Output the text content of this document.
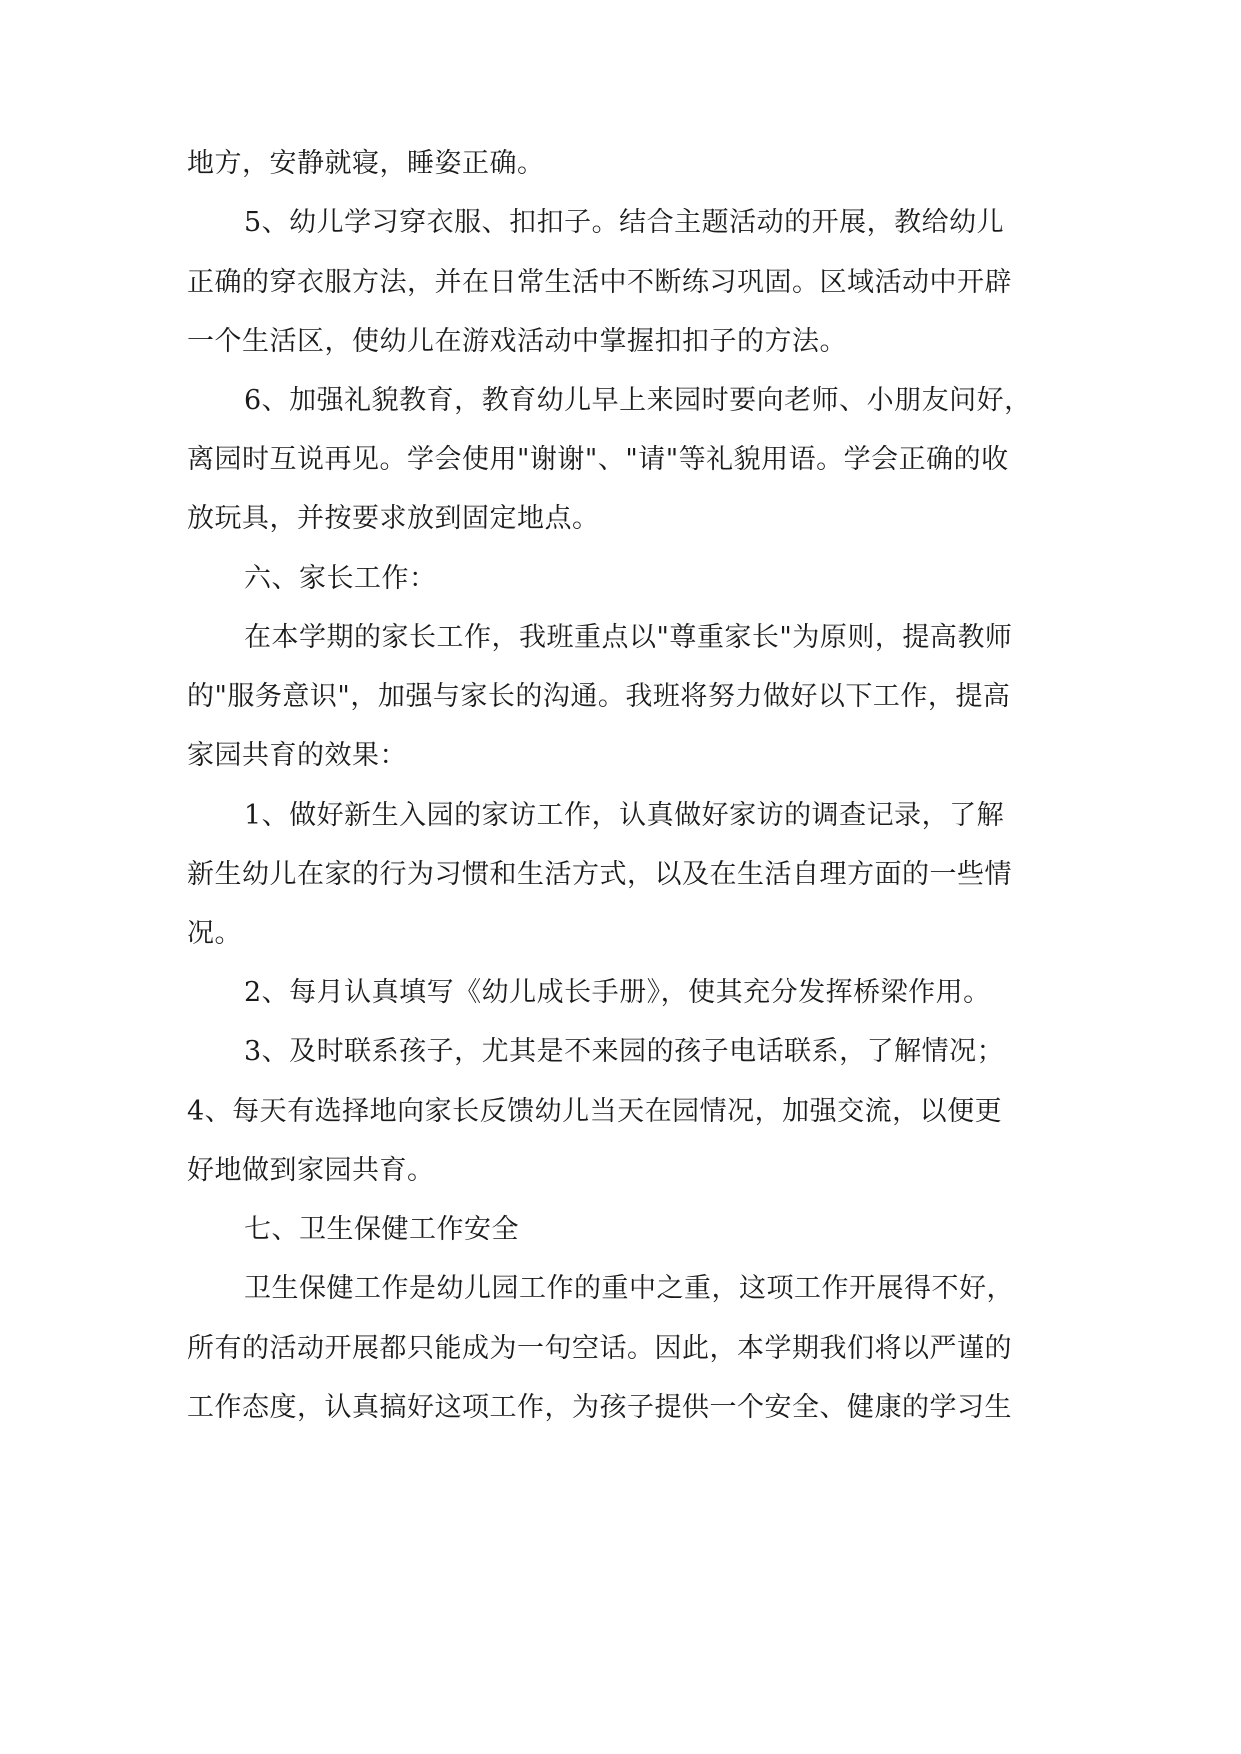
地方，安静就寝，睡姿正确。
5、幼儿学习穿衣服、扣扣子。结合主题活动的开展，教给幼儿
正确的穿衣服方法，并在日常生活中不断练习巩固。区域活动中开辟
一个生活区，使幼儿在游戏活动中掌握扣扣子的方法。
6、加强礼貌教育，教育幼儿早上来园时要向老师、小朋友问好，
离园时互说再见。学会使用"谢谢"、"请"等礼貌用语。学会正确的收
放玩具，并按要求放到固定地点。
六、家长工作：
在本学期的家长工作，我班重点以"尊重家长"为原则，提高教师
的"服务意识"，加强与家长的沟通。我班将努力做好以下工作，提高
家园共育的效果：
1、做好新生入园的家访工作，认真做好家访的调查记录，了解
新生幼儿在家的行为习惯和生活方式，以及在生活自理方面的一些情
况。
2、每月认真填写《幼儿成长手册》，使其充分发挥桥梁作用。
3、及时联系孩子，尤其是不来园的孩子电话联系，了解情况；
4、每天有选择地向家长反馈幼儿当天在园情况，加强交流，以便更
好地做到家园共育。
七、卫生保健工作安全
卫生保健工作是幼儿园工作的重中之重，这项工作开展得不好，
所有的活动开展都只能成为一句空话。因此，本学期我们将以严谨的
工作态度，认真搞好这项工作，为孩子提供一个安全、健康的学习生
